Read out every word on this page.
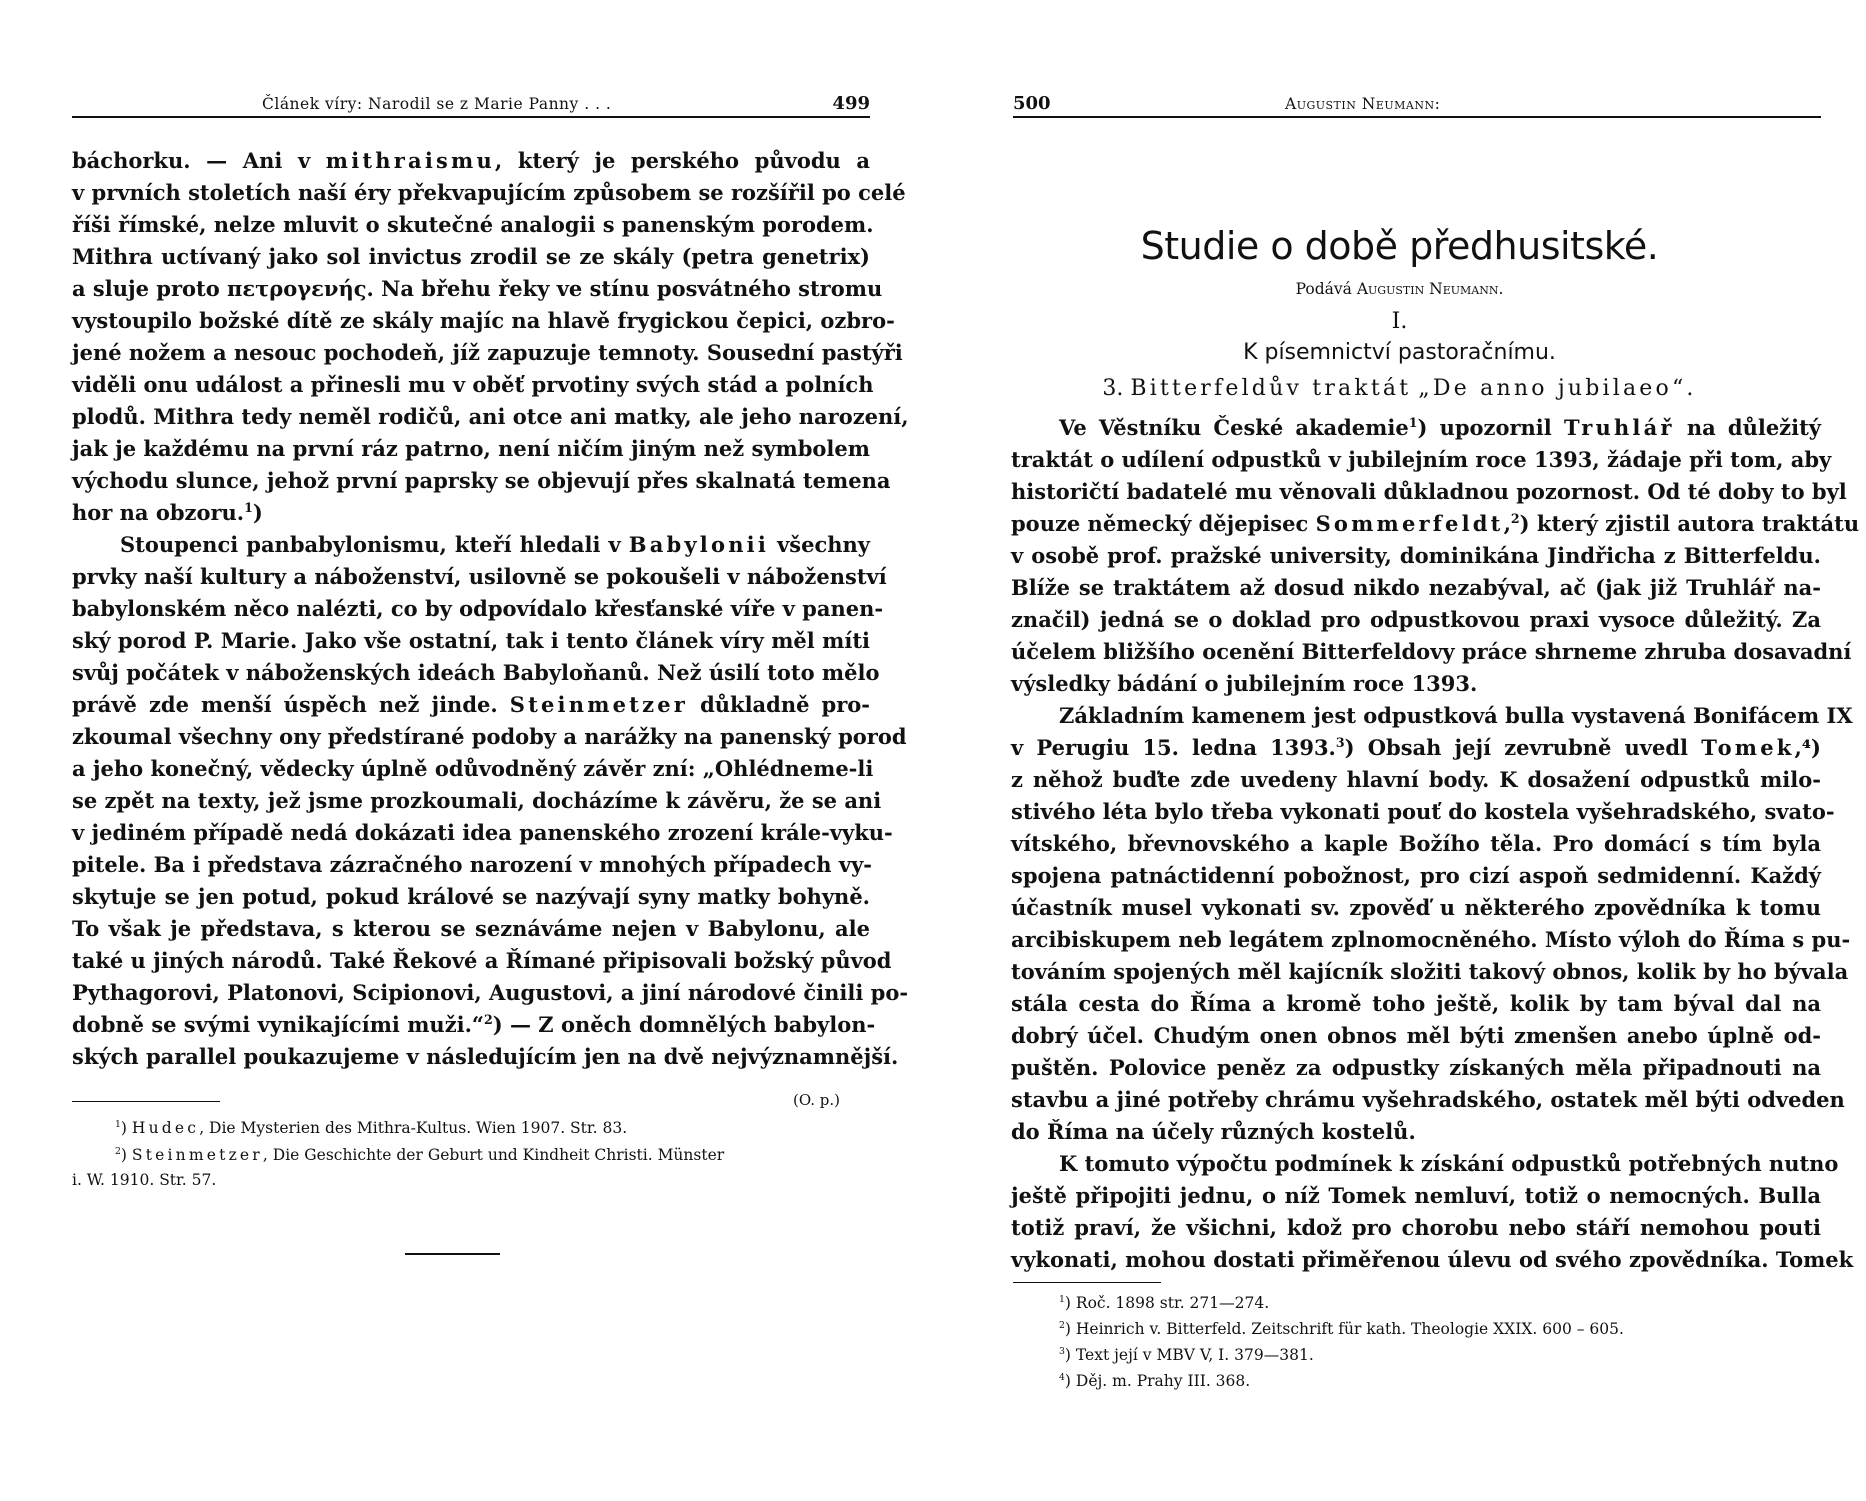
Článek víry: Narodil se z Marie Panny . . .	499
báchorku. — Ani v mithraismu, který je perského původu a
v prvních stoletích naší éry překvapujícím způsobem se rozšířil po celé
říši římské, nelze mluvit o skutečné analogii s panenským porodem.
Mithra uctívaný jako sol invictus zrodil se ze skály (petra genetrix)
a sluje proto πετρογενής. Na břehu řeky ve stínu posvátného stromu
vystoupilo božské dítě ze skály majíc na hlavě frygickou čepici, ozbro-
jené nožem a nesouc pochodeň, jíž zapuzuje temnoty. Sousední pastýři
viděli onu událost a přinesli mu v oběť prvotiny svých stád a polních
plodů. Mithra tedy neměl rodičů, ani otce ani matky, ale jeho narození,
jak je každému na první ráz patrno, není ničím jiným než symbolem
východu slunce, jehož první paprsky se objevují přes skalnatá temena
hor na obzoru.$^1$)
Stoupenci panbabylonismu, kteří hledali v Babylonii všechny
prvky naší kultury a náboženství, usilovně se pokoušeli v náboženství
babylonském něco nalézti, co by odpovídalo křesťanské víře v panen-
ský porod P. Marie. Jako vše ostatní, tak i tento článek víry měl míti
svůj počátek v náboženských ideách Babyloňanů. Než úsilí toto mělo
právě zde menší úspěch než jinde. Steinmetzer důkladně pro-
zkoumal všechny ony předstírané podoby a narážky na panenský porod
a jeho konečný, vědecky úplně odůvodněný závěr zní: „Ohlédneme-li
se zpět na texty, jež jsme prozkoumali, docházíme k závěru, že se ani
v jediném případě nedá dokázati idea panenského zrození krále-vyku-
pitele. Ba i představa zázračného narození v mnohých případech vy-
skytuje se jen potud, pokud králové se nazývají syny matky bohyně.
To však je představa, s kterou se seznáváme nejen v Babylonu, ale
také u jiných národů. Také Řekové a Římané připisovali božský původ
Pythagorovi, Platonovi, Scipionovi, Augustovi, a jiní národové činili po-
dobně se svými vynikajícími muži.“$^2$) — Z oněch domnělých babylon-
ských parallel poukazujeme v následujícím jen na dvě nejvýznamnější.
(O. p.)
$^1$) Hudec, Die Mysterien des Mithra-Kultus. Wien 1907. Str. 83.
$^2$) Steinmetzer, Die Geschichte der Geburt und Kindheit Christi. Münster
i. W. 1910. Str. 57.
500	Augustin Neumann:
Studie o době předhusitské.
Podává Augustin Neumann.
I.
K písemnictví pastoračnímu.
3. Bitterfeldův traktát „De anno jubilaeo“.
Ve Věstníku České akademie$^1$) upozornil Truhlář na důležitý
traktát o udílení odpustků v jubilejním roce 1393, žádaje při tom, aby
historičtí badatelé mu věnovali důkladnou pozornost. Od té doby to byl
pouze německý dějepisec Sommerfeldt,$^2$) který zjistil autora traktátu
v osobě prof. pražské university, dominikána Jindřicha z Bitterfeldu.
Blíže se traktátem až dosud nikdo nezabýval, ač (jak již Truhlář na-
značil) jedná se o doklad pro odpustkovou praxi vysoce důležitý. Za
účelem bližšího ocenění Bitterfeldovy práce shrneme zhruba dosavadní
výsledky bádání o jubilejním roce 1393.
Základním kamenem jest odpustková bulla vystavená Bonifácem IX
v Perugiu 15. ledna 1393.$^3$) Obsah její zevrubně uvedl Tomek,⁴)
z něhož buďte zde uvedeny hlavní body. K dosažení odpustků milo-
stivého léta bylo třeba vykonati pouť do kostela vyšehradského, svato-
vítského, břevnovského a kaple Božího těla. Pro domácí s tím byla
spojena patnáctidenní pobožnost, pro cizí aspoň sedmidenní. Každý
účastník musel vykonati sv. zpověď u některého zpovědníka k tomu
arcibiskupem neb legátem zplnomocněného. Místo výloh do Říma s pu-
továním spojených měl kajícník složiti takový obnos, kolik by ho bývala
stála cesta do Říma a kromě toho ještě, kolik by tam býval dal na
dobrý účel. Chudým onen obnos měl býti zmenšen anebo úplně od-
puštěn. Polovice peněz za odpustky získaných měla připadnouti na
stavbu a jiné potřeby chrámu vyšehradského, ostatek měl býti odveden
do Říma na účely různých kostelů.
K tomuto výpočtu podmínek k získání odpustků potřebných nutno
ještě připojiti jednu, o níž Tomek nemluví, totiž o nemocných. Bulla
totiž praví, že všichni, kdož pro chorobu nebo stáří nemohou pouti
vykonati, mohou dostati přiměřenou úlevu od svého zpovědníka. Tomek
$^1$) Roč. 1898 str. 271—274.
$^2$) Heinrich v. Bitterfeld. Zeitschrift für kath. Theologie XXIX. 600 – 605.
$^3$) Text její v MBV V, I. 379—381.
$^4$) Děj. m. Prahy III. 368.
